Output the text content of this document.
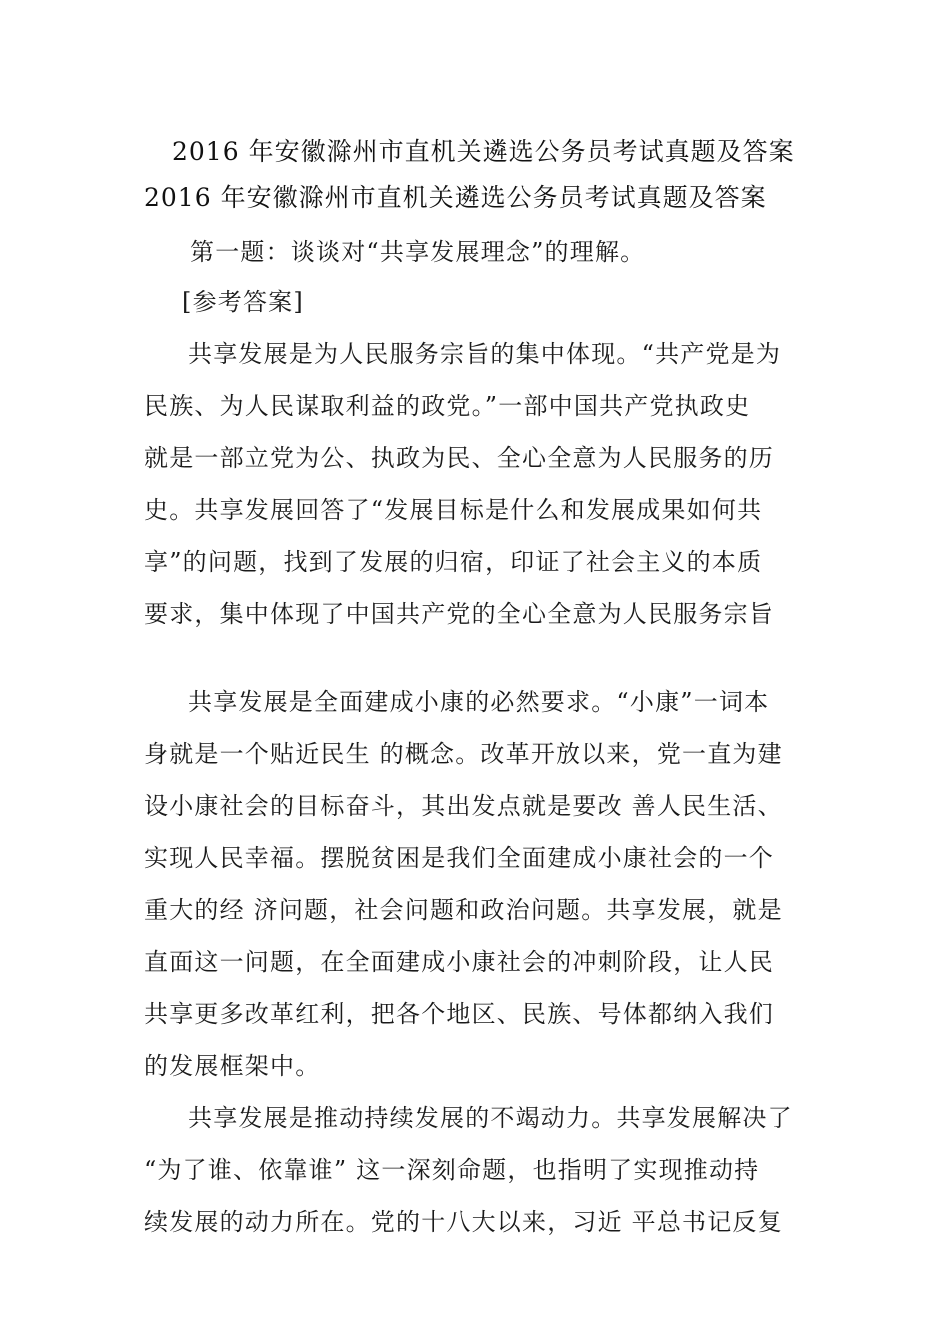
2016 年安徽滁州市直机关遴选公务员考试真题及答案
2016 年安徽滁州市直机关遴选公务员考试真题及答案
第一题：谈谈对“共享发展理念”的理解。
[参考答案]
共享发展是为人民服务宗旨的集中体现。“共产党是为
民族、为人民谋取利益的政党。”一部中国共产党执政史
就是一部立党为公、执政为民、全心全意为人民服务的历
史。共享发展回答了“发展目标是什么和发展成果如何共
享”的问题，找到了发展的归宿，印证了社会主义的本质
要求，集中体现了中国共产党的全心全意为人民服务宗旨
共享发展是全面建成小康的必然要求。“小康”一词本
身就是一个贴近民生 的概念。改革开放以来，党一直为建
设小康社会的目标奋斗，其出发点就是要改 善人民生活、
实现人民幸福。摆脱贫困是我们全面建成小康社会的一个
重大的经 济问题，社会问题和政治问题。共享发展，就是
直面这一问题，在全面建成小康社会的冲刺阶段，让人民
共享更多改革红利，把各个地区、民族、号体都纳入我们
的发展框架中。
共享发展是推动持续发展的不竭动力。共享发展解决了
“为了谁、依靠谁” 这一深刻命题，也指明了实现推动持
续发展的动力所在。党的十八大以来，习近 平总书记反复
